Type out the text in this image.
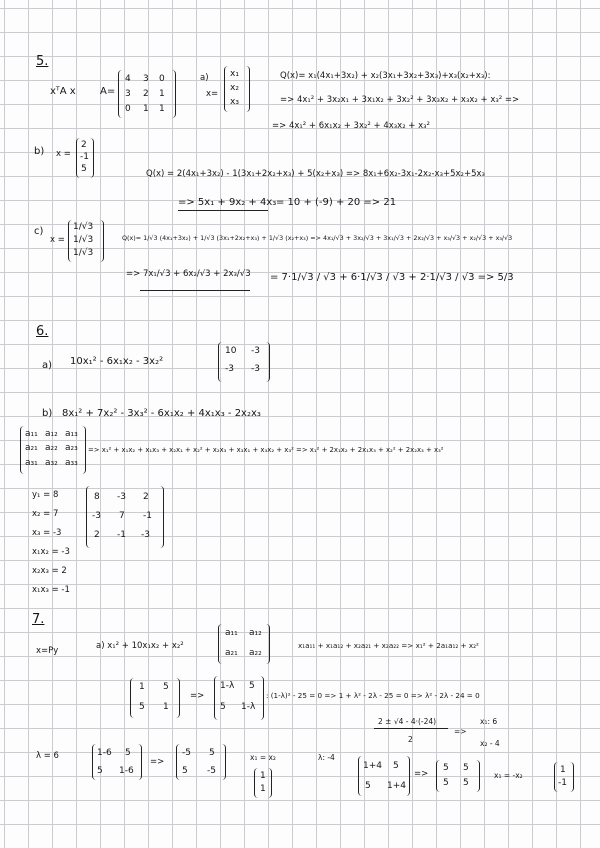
5.
xᵀA x A=
4 3 0
3 2 1
0 1 1
a)
x=
x₁
x₂
x₃
Q(x)= x₁(4x₁+3x₂) + x₂(3x₁+3x₂+3x₃)+x₃(x₂+x₃):
=> 4x₁² + 3x₂x₁ + 3x₁x₂ + 3x₂² + 3x₃x₂ + x₃x₂ + x₃² =>
=> 4x₁² + 6x₁x₂ + 3x₂² + 4x₃x₂ + x₃²
b) x =
2
-1
5	Q(x) = 2(4x₁+3x₂) - 1(3x₁+2x₂+x₃) + 5(x₂+x₃) => 8x₁+6x₂-3x₁-2x₂-x₃+5x₂+5x₃
=> 5x₁ + 9x₂ + 4x₃ = 10 + (-9) + 20 => 21
c)
x =
1/√3
1/√3
1/√3
Q(x)= 1/√3 (4x₁+3x₂) + 1/√3 (3x₁+2x₂+x₃) + 1/√3 (x₂+x₃) => 4x₁/√3 + 3x₂/√3 + 3x₁/√3 + 2x₂/√3 + x₃/√3 + x₂/√3 + x₃/√3
=> 7x₁/√3 + 6x₂/√3 + 2x₃/√3 = 7·1/√3 / √3 + 6·1/√3 / √3 + 2·1/√3 / √3 => 5/3
6.
a) 10x₁² - 6x₁x₂ - 3x₂²
10 -3
-3 -3
b) 8x₁² + 7x₂² - 3x₃² - 6x₁x₂ + 4x₁x₃ - 2x₂x₃
a₁₁ a₁₂ a₁₃
a₂₁ a₂₂ a₂₃
a₃₁ a₃₂ a₃₃
=> x₁² + x₁x₂ + x₁x₃ + x₂x₁ + x₂² + x₂x₃ + x₃x₁ + x₃x₂ + x₃² => x₁² + 2x₁x₂ + 2x₁x₃ + x₂² + 2x₂x₃ + x₃²
y₁ = 8
x₂ = 7
x₃ = -3
x₁x₂ = -3
x₂x₃ = 2
x₁x₃ = -1
8 -3 2
-3 7 -1
2 -1 -3
7.
x=Py	a) x₁² + 10x₁x₂ + x₂²
a₁₁ a₁₂
a₂₁ a₂₂
x₁a₁₁ + x₁a₁₂ + x₂a₂₁ + x₂a₂₂ => x₁² + 2a₁a₁₂ + x₂²
1 5
5 1
=>
1-λ 5
5 1-λ
: (1-λ)² - 25 = 0 => 1 + λ² - 2λ - 25 = 0 => λ² - 2λ - 24 = 0
2 ± √4 - 4·(-24)
2
=>
x₁: 6
x₂ - 4
λ = 6	1-6 5
5 1-6
=>
-5 5
5 -5
x₁ = x₂
1
1
λ: -4
1+4 5
5 1+4
=>
5 5
5 5
x₁ = -x₂
1
-1
